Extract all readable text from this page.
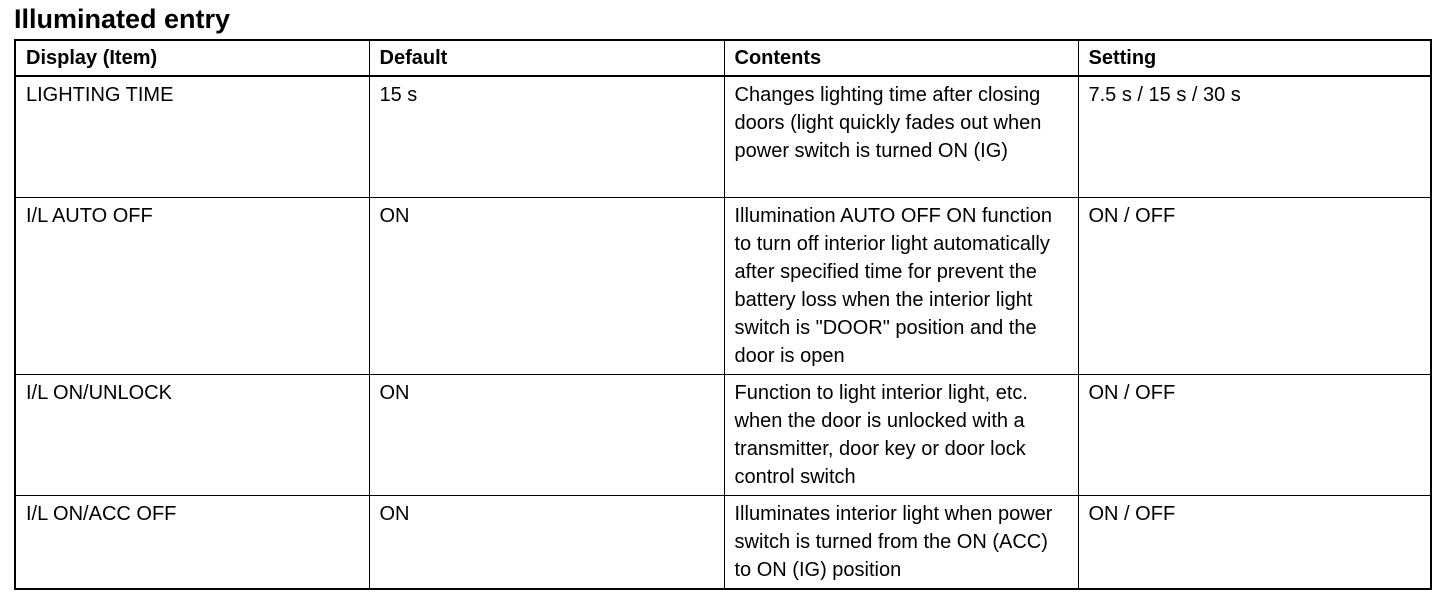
Illuminated entry
Display (Item)	Default	Contents	Setting
LIGHTING TIME	15 s	Changes lighting time after closing doors (light quickly fades out when power switch is turned ON (IG)	7.5 s / 15 s / 30 s
I/L AUTO OFF	ON	Illumination AUTO OFF ON function to turn off interior light automatically after specified time for prevent the battery loss when the interior light switch is "DOOR" position and the door is open	ON / OFF
I/L ON/UNLOCK	ON	Function to light interior light, etc. when the door is unlocked with a transmitter, door key or door lock control switch	ON / OFF
I/L ON/ACC OFF	ON	Illuminates interior light when power switch is turned from the ON (ACC) to ON (IG) position	ON / OFF
